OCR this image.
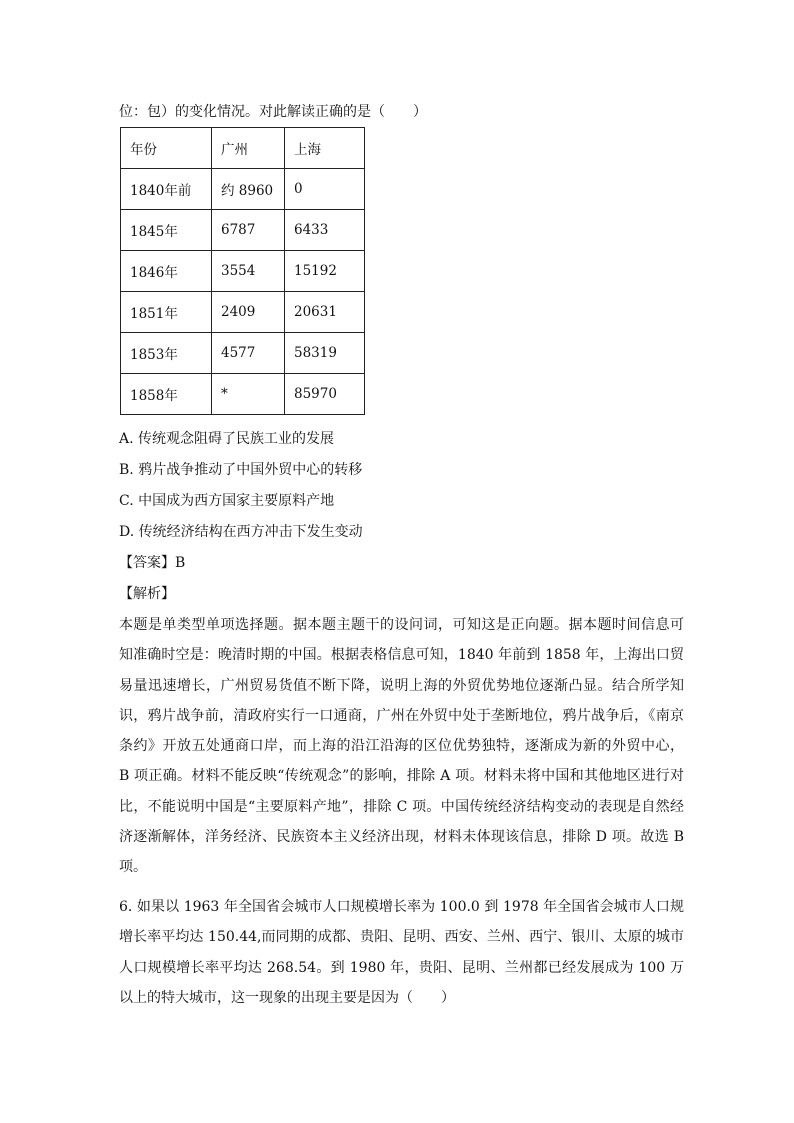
位：包）的变化情况。对此解读正确的是（　　）
年份	广州	上海
1840年前	约 8960	0
1845年	6787	6433
1846年	3554	15192
1851年	2409	20631
1853年	4577	58319
1858年	*	85970
A. 传统观念阻碍了民族工业的发展
B. 鸦片战争推动了中国外贸中心的转移
C. 中国成为西方国家主要原料产地
D. 传统经济结构在西方冲击下发生变动
【答案】B
【解析】
本题是单类型单项选择题。据本题主题干的设问词，可知这是正向题。据本题时间信息可
知准确时空是：晚清时期的中国。根据表格信息可知，1840 年前到 1858 年，上海出口贸
易量迅速增长，广州贸易货值不断下降，说明上海的外贸优势地位逐渐凸显。结合所学知
识，鸦片战争前，清政府实行一口通商，广州在外贸中处于垄断地位，鸦片战争后，《南京
条约》开放五处通商口岸，而上海的沿江沿海的区位优势独特，逐渐成为新的外贸中心，
B 项正确。材料不能反映“传统观念”的影响，排除 A 项。材料未将中国和其他地区进行对
比，不能说明中国是“主要原料产地”，排除 C 项。中国传统经济结构变动的表现是自然经
济逐渐解体，洋务经济、民族资本主义经济出现，材料未体现该信息，排除 D 项。故选 B
项。
6. 如果以 1963 年全国省会城市人口规模增长率为 100.0 到 1978 年全国省会城市人口规
增长率平均达 150.44,而同期的成都、贵阳、昆明、西安、兰州、西宁、银川、太原的城市
人口规模增长率平均达 268.54。到 1980 年，贵阳、昆明、兰州都已经发展成为 100 万
以上的特大城市，这一现象的出现主要是因为（　　）
